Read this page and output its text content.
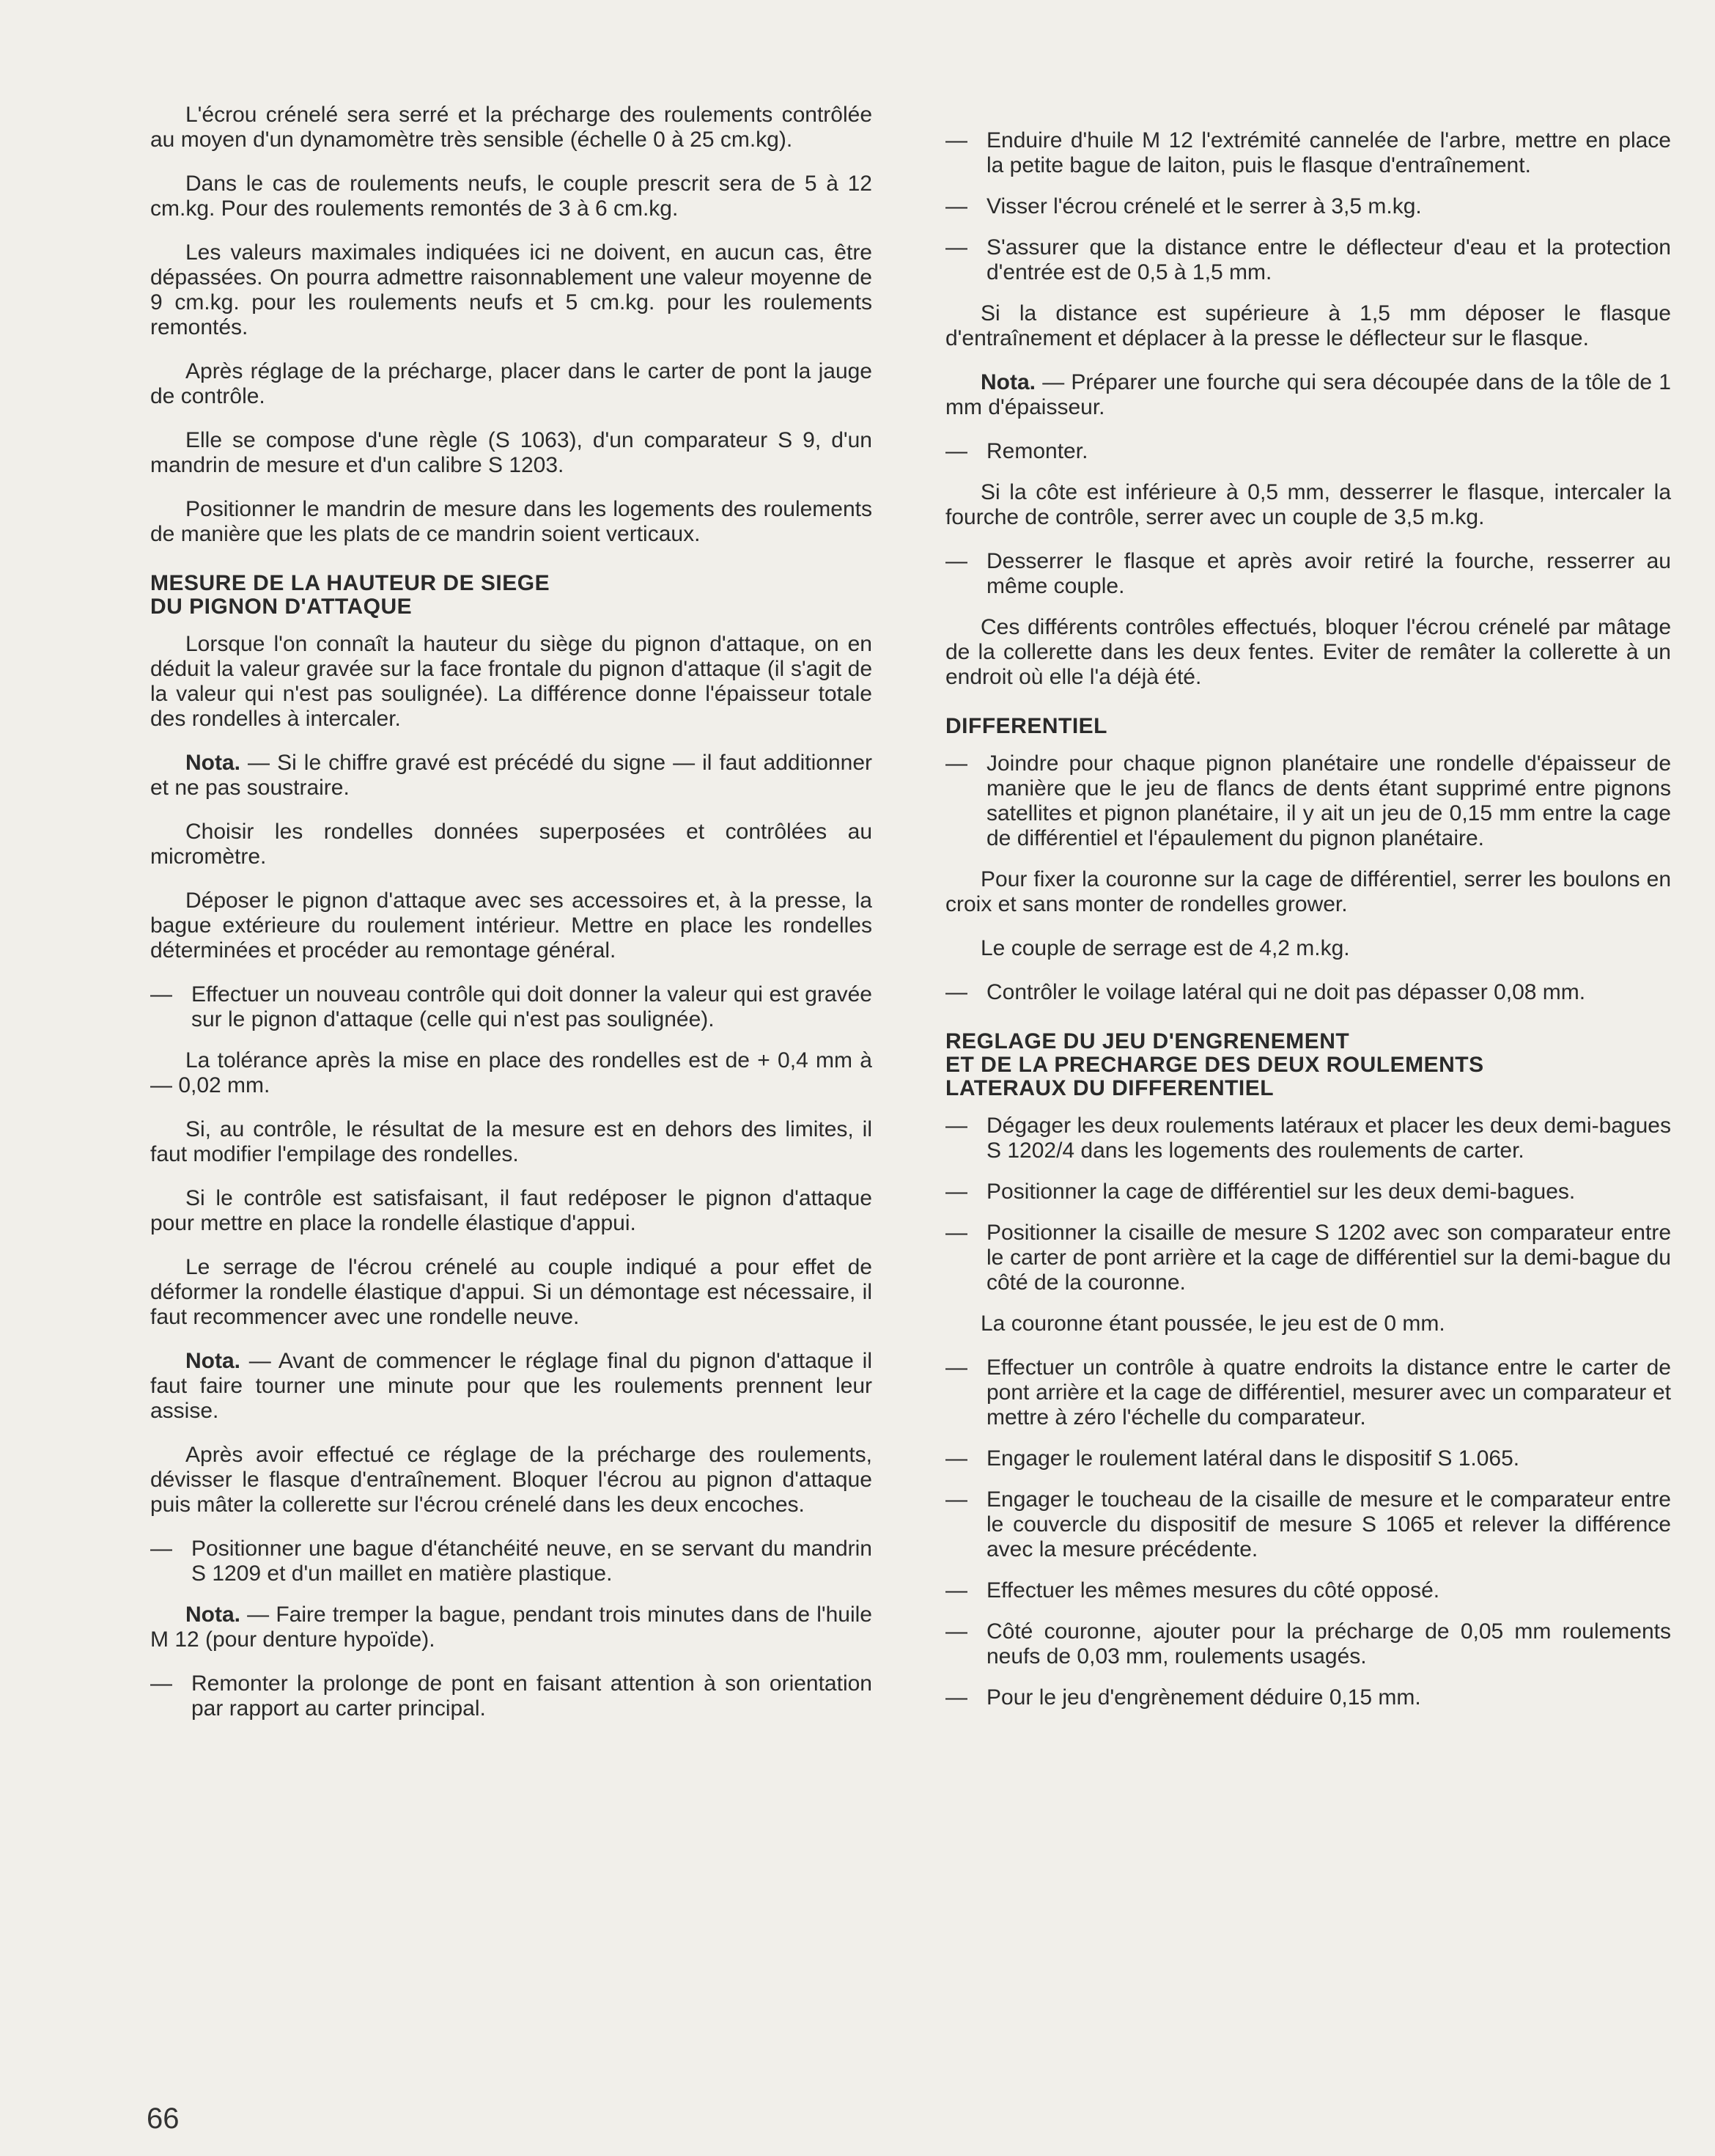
L'écrou crénelé sera serré et la précharge des roulements contrôlée au moyen d'un dynamomètre très sensible (échelle 0 à 25 cm.kg).

Dans le cas de roulements neufs, le couple prescrit sera de 5 à 12 cm.kg. Pour des roulements remontés de 3 à 6 cm.kg.

Les valeurs maximales indiquées ici ne doivent, en aucun cas, être dépassées. On pourra admettre raisonnablement une valeur moyenne de 9 cm.kg. pour les roulements neufs et 5 cm.kg. pour les roulements remontés.

Après réglage de la précharge, placer dans le carter de pont la jauge de contrôle.

Elle se compose d'une règle (S 1063), d'un comparateur S 9, d'un mandrin de mesure et d'un calibre S 1203.

Positionner le mandrin de mesure dans les logements des roulements de manière que les plats de ce mandrin soient verticaux.

MESURE DE LA HAUTEUR DE SIEGE
DU PIGNON D'ATTAQUE

Lorsque l'on connaît la hauteur du siège du pignon d'attaque, on en déduit la valeur gravée sur la face frontale du pignon d'attaque (il s'agit de la valeur qui n'est pas soulignée). La différence donne l'épaisseur totale des rondelles à intercaler.

Nota. — Si le chiffre gravé est précédé du signe — il faut additionner et ne pas soustraire.

Choisir les rondelles données superposées et contrôlées au micromètre.

Déposer le pignon d'attaque avec ses accessoires et, à la presse, la bague extérieure du roulement intérieur. Mettre en place les rondelles déterminées et procéder au remontage général.

— Effectuer un nouveau contrôle qui doit donner la valeur qui est gravée sur le pignon d'attaque (celle qui n'est pas soulignée).

La tolérance après la mise en place des rondelles est de + 0,4 mm à — 0,02 mm.

Si, au contrôle, le résultat de la mesure est en dehors des limites, il faut modifier l'empilage des rondelles.

Si le contrôle est satisfaisant, il faut redéposer le pignon d'attaque pour mettre en place la rondelle élastique d'appui.

Le serrage de l'écrou crénelé au couple indiqué a pour effet de déformer la rondelle élastique d'appui. Si un démontage est nécessaire, il faut recommencer avec une rondelle neuve.

Nota. — Avant de commencer le réglage final du pignon d'attaque il faut faire tourner une minute pour que les roulements prennent leur assise.

Après avoir effectué ce réglage de la précharge des roulements, dévisser le flasque d'entraînement. Bloquer l'écrou au pignon d'attaque puis mâter la collerette sur l'écrou crénelé dans les deux encoches.

— Positionner une bague d'étanchéité neuve, en se servant du mandrin S 1209 et d'un maillet en matière plastique.

Nota. — Faire tremper la bague, pendant trois minutes dans de l'huile M 12 (pour denture hypoïde).

— Remonter la prolonge de pont en faisant attention à son orientation par rapport au carter principal.

— Enduire d'huile M 12 l'extrémité cannelée de l'arbre, mettre en place la petite bague de laiton, puis le flasque d'entraînement.

— Visser l'écrou crénelé et le serrer à 3,5 m.kg.

— S'assurer que la distance entre le déflecteur d'eau et la protection d'entrée est de 0,5 à 1,5 mm.

Si la distance est supérieure à 1,5 mm déposer le flasque d'entraînement et déplacer à la presse le déflecteur sur le flasque.

Nota. — Préparer une fourche qui sera découpée dans de la tôle de 1 mm d'épaisseur.

— Remonter.

Si la côte est inférieure à 0,5 mm, desserrer le flasque, intercaler la fourche de contrôle, serrer avec un couple de 3,5 m.kg.

— Desserrer le flasque et après avoir retiré la fourche, resserrer au même couple.

Ces différents contrôles effectués, bloquer l'écrou crénelé par mâtage de la collerette dans les deux fentes. Eviter de remâter la collerette à un endroit où elle l'a déjà été.

DIFFERENTIEL

— Joindre pour chaque pignon planétaire une rondelle d'épaisseur de manière que le jeu de flancs de dents étant supprimé entre pignons satellites et pignon planétaire, il y ait un jeu de 0,15 mm entre la cage de différentiel et l'épaulement du pignon planétaire.

Pour fixer la couronne sur la cage de différentiel, serrer les boulons en croix et sans monter de rondelles grower.

Le couple de serrage est de 4,2 m.kg.

— Contrôler le voilage latéral qui ne doit pas dépasser 0,08 mm.

REGLAGE DU JEU D'ENGRENEMENT
ET DE LA PRECHARGE DES DEUX ROULEMENTS
LATERAUX DU DIFFERENTIEL

— Dégager les deux roulements latéraux et placer les deux demi-bagues S 1202/4 dans les logements des roulements de carter.

— Positionner la cage de différentiel sur les deux demi-bagues.

— Positionner la cisaille de mesure S 1202 avec son comparateur entre le carter de pont arrière et la cage de différentiel sur la demi-bague du côté de la couronne.

La couronne étant poussée, le jeu est de 0 mm.

— Effectuer un contrôle à quatre endroits la distance entre le carter de pont arrière et la cage de différentiel, mesurer avec un comparateur et mettre à zéro l'échelle du comparateur.

— Engager le roulement latéral dans le dispositif S 1.065.

— Engager le toucheau de la cisaille de mesure et le comparateur entre le couvercle du dispositif de mesure S 1065 et relever la différence avec la mesure précédente.

— Effectuer les mêmes mesures du côté opposé.

— Côté couronne, ajouter pour la précharge de 0,05 mm roulements neufs de 0,03 mm, roulements usagés.

— Pour le jeu d'engrènement déduire 0,15 mm.

66
